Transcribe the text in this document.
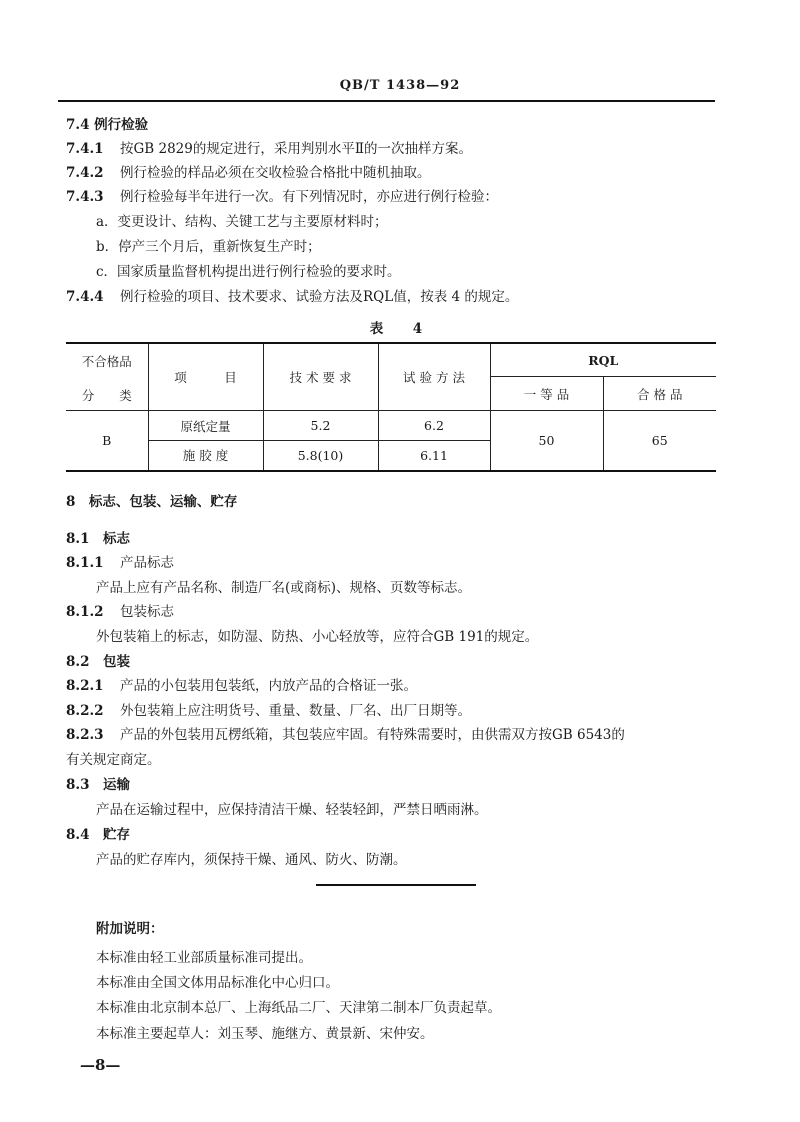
QB/T 1438—92
7.4 例行检验
7.4.1 按GB 2829的规定进行，采用判别水平Ⅱ的一次抽样方案。
7.4.2 例行检验的样品必须在交收检验合格批中随机抽取。
7.4.3 例行检验每半年进行一次。有下列情况时，亦应进行例行检验：
a．变更设计、结构、关键工艺与主要原材料时；
b．停产三个月后，重新恢复生产时；
c．国家质量监督机构提出进行例行检验的要求时。
7.4.4 例行检验的项目、技术要求、试验方法及RQL值，按表 4 的规定。
表　4
不合格品
分　　类	项　　　目	技 术 要 求	试 验 方 法	RQL	
				一 等 品	合 格 品
B	原纸定量	5.2	6.2	50	65
	施 胶 度	5.8(10)	6.11		
8　标志、包装、运输、贮存
8.1　标志
8.1.1 产品标志
产品上应有产品名称、制造厂名(或商标)、规格、页数等标志。
8.1.2 包装标志
外包装箱上的标志，如防湿、防热、小心轻放等，应符合GB 191的规定。
8.2　包装
8.2.1 产品的小包装用包装纸，内放产品的合格证一张。
8.2.2 外包装箱上应注明货号、重量、数量、厂名、出厂日期等。
8.2.3 产品的外包装用瓦楞纸箱，其包装应牢固。有特殊需要时，由供需双方按GB 6543的
有关规定商定。
8.3　运输
产品在运输过程中，应保持清洁干燥、轻装轻卸，严禁日晒雨淋。
8.4　贮存
产品的贮存库内，须保持干燥、通风、防火、防潮。
附加说明：
本标准由轻工业部质量标准司提出。
本标准由全国文体用品标准化中心归口。
本标准由北京制本总厂、上海纸品二厂、天津第二制本厂负责起草。
本标准主要起草人：刘玉琴、施继方、黄景新、宋仲安。
—8—
